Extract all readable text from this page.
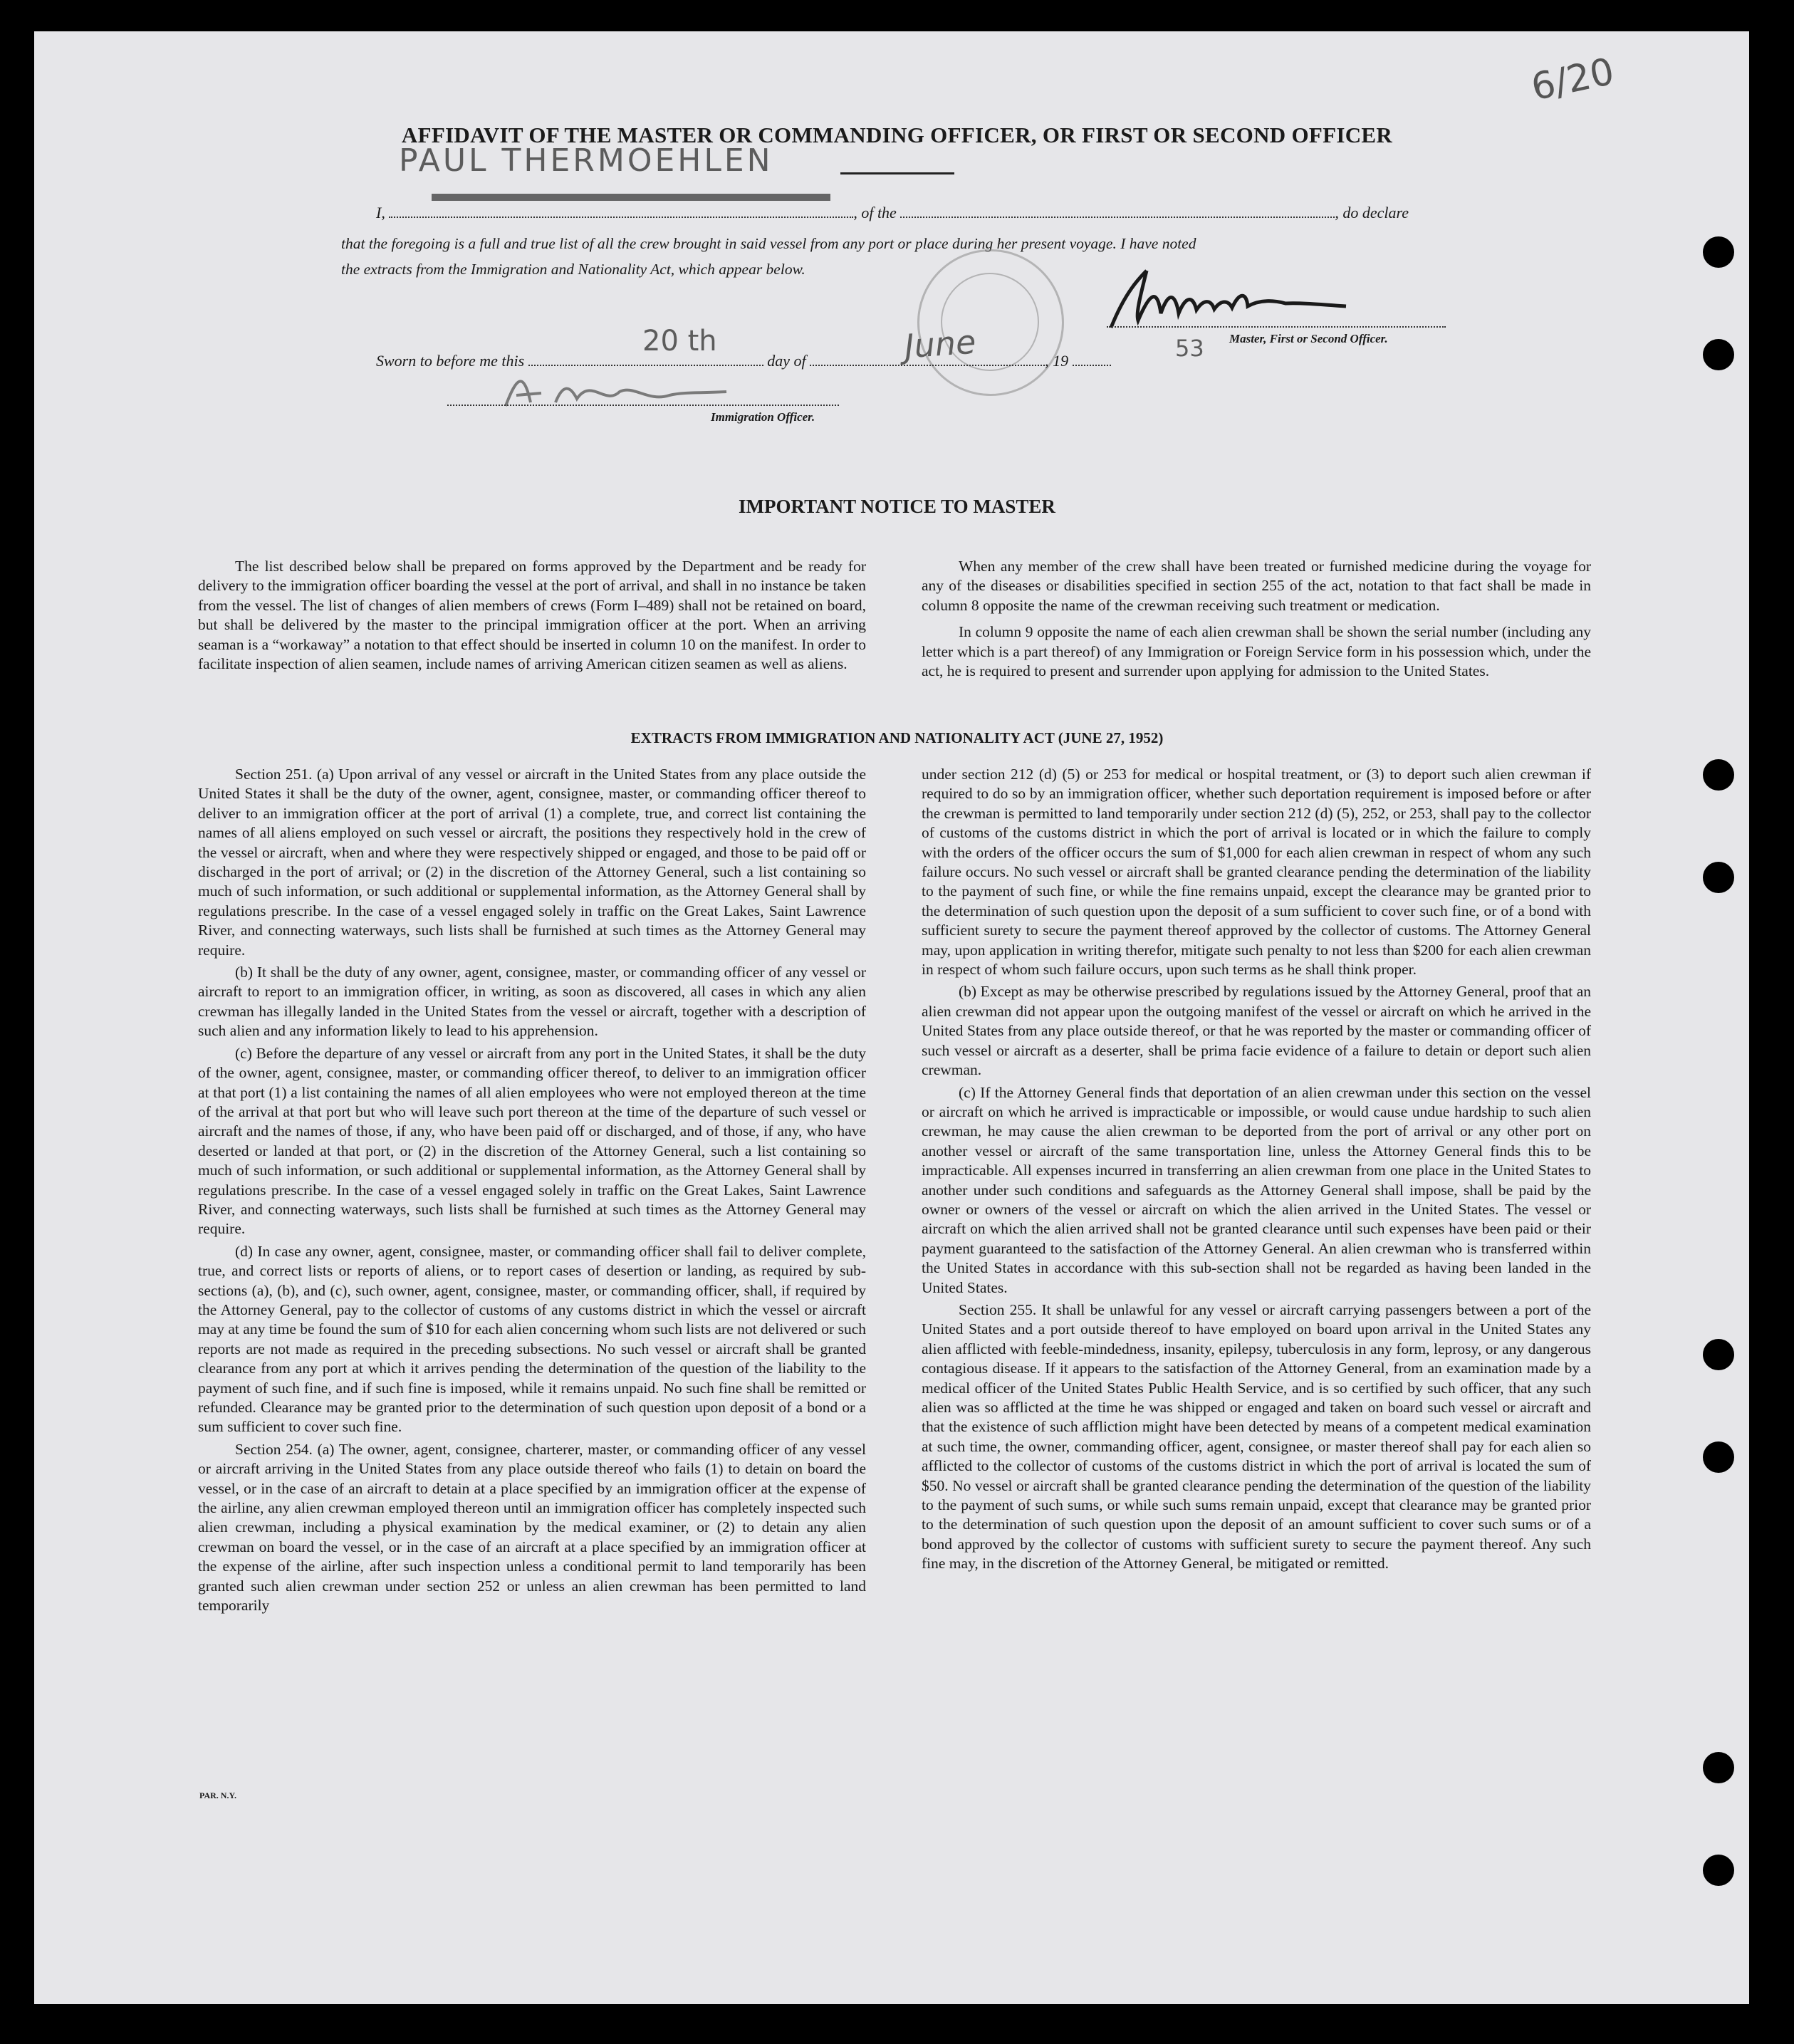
6/20
AFFIDAVIT OF THE MASTER OR COMMANDING OFFICER, OR FIRST OR SECOND OFFICER
PAUL THERMOEHLEN
I,	, of the	, do declare
that the foregoing is a full and true list of all the crew brought in said vessel from any port or place during her present voyage. I have noted
the extracts from the Immigration and Nationality Act, which appear below.
Master, First or Second Officer.
Sworn to before me this	day of	, 19
20 th	June	53
Immigration Officer.
IMPORTANT NOTICE TO MASTER

The list described below shall be prepared on forms approved by the Department and be ready for delivery to the immigration officer boarding the vessel at the port of arrival, and shall in no instance be taken from the vessel. The list of changes of alien members of crews (Form I–489) shall not be retained on board, but shall be delivered by the master to the principal immigration officer at the port. When an arriving seaman is a “workaway” a notation to that effect should be inserted in column 10 on the manifest. In order to facilitate inspection of alien seamen, include names of arriving American citizen seamen as well as aliens.

When any member of the crew shall have been treated or furnished medicine during the voyage for any of the diseases or disabilities specified in section 255 of the act, notation to that fact shall be made in column 8 opposite the name of the crewman receiving such treatment or medication.

In column 9 opposite the name of each alien crewman shall be shown the serial number (including any letter which is a part thereof) of any Immigration or Foreign Service form in his possession which, under the act, he is required to present and surrender upon applying for admission to the United States.

EXTRACTS FROM IMMIGRATION AND NATIONALITY ACT (JUNE 27, 1952)

Section 251. (a) Upon arrival of any vessel or aircraft in the United States from any place outside the United States it shall be the duty of the owner, agent, consignee, master, or commanding officer thereof to deliver to an immigration officer at the port of arrival (1) a complete, true, and correct list containing the names of all aliens employed on such vessel or aircraft, the positions they respectively hold in the crew of the vessel or aircraft, when and where they were respectively shipped or engaged, and those to be paid off or discharged in the port of arrival; or (2) in the discretion of the Attorney General, such a list containing so much of such information, or such additional or supplemental information, as the Attorney General shall by regulations prescribe. In the case of a vessel engaged solely in traffic on the Great Lakes, Saint Lawrence River, and connecting waterways, such lists shall be furnished at such times as the Attorney General may require.

(b) It shall be the duty of any owner, agent, consignee, master, or commanding officer of any vessel or aircraft to report to an immigration officer, in writing, as soon as discovered, all cases in which any alien crewman has illegally landed in the United States from the vessel or aircraft, together with a description of such alien and any information likely to lead to his apprehension.

(c) Before the departure of any vessel or aircraft from any port in the United States, it shall be the duty of the owner, agent, consignee, master, or commanding officer thereof, to deliver to an immigration officer at that port (1) a list containing the names of all alien employees who were not employed thereon at the time of the arrival at that port but who will leave such port thereon at the time of the departure of such vessel or aircraft and the names of those, if any, who have been paid off or discharged, and of those, if any, who have deserted or landed at that port, or (2) in the discretion of the Attorney General, such a list containing so much of such information, or such additional or supplemental information, as the Attorney General shall by regulations prescribe. In the case of a vessel engaged solely in traffic on the Great Lakes, Saint Lawrence River, and connecting waterways, such lists shall be furnished at such times as the Attorney General may require.

(d) In case any owner, agent, consignee, master, or commanding officer shall fail to deliver complete, true, and correct lists or reports of aliens, or to report cases of desertion or landing, as required by sub-sections (a), (b), and (c), such owner, agent, consignee, master, or commanding officer, shall, if required by the Attorney General, pay to the collector of customs of any customs district in which the vessel or aircraft may at any time be found the sum of $10 for each alien concerning whom such lists are not delivered or such reports are not made as required in the preceding subsections. No such vessel or aircraft shall be granted clearance from any port at which it arrives pending the determination of the question of the liability to the payment of such fine, and if such fine is imposed, while it remains unpaid. No such fine shall be remitted or refunded. Clearance may be granted prior to the determination of such question upon deposit of a bond or a sum sufficient to cover such fine.

Section 254. (a) The owner, agent, consignee, charterer, master, or commanding officer of any vessel or aircraft arriving in the United States from any place outside thereof who fails (1) to detain on board the vessel, or in the case of an aircraft to detain at a place specified by an immigration officer at the expense of the airline, any alien crewman employed thereon until an immigration officer has completely inspected such alien crewman, including a physical examination by the medical examiner, or (2) to detain any alien crewman on board the vessel, or in the case of an aircraft at a place specified by an immigration officer at the expense of the airline, after such inspection unless a conditional permit to land temporarily has been granted such alien crewman under section 252 or unless an alien crewman has been permitted to land temporarily

under section 212 (d) (5) or 253 for medical or hospital treatment, or (3) to deport such alien crewman if required to do so by an immigration officer, whether such deportation requirement is imposed before or after the crewman is permitted to land temporarily under section 212 (d) (5), 252, or 253, shall pay to the collector of customs of the customs district in which the port of arrival is located or in which the failure to comply with the orders of the officer occurs the sum of $1,000 for each alien crewman in respect of whom any such failure occurs. No such vessel or aircraft shall be granted clearance pending the determination of the liability to the payment of such fine, or while the fine remains unpaid, except the clearance may be granted prior to the determination of such question upon the deposit of a sum sufficient to cover such fine, or of a bond with sufficient surety to secure the payment thereof approved by the collector of customs. The Attorney General may, upon application in writing therefor, mitigate such penalty to not less than $200 for each alien crewman in respect of whom such failure occurs, upon such terms as he shall think proper.

(b) Except as may be otherwise prescribed by regulations issued by the Attorney General, proof that an alien crewman did not appear upon the outgoing manifest of the vessel or aircraft on which he arrived in the United States from any place outside thereof, or that he was reported by the master or commanding officer of such vessel or aircraft as a deserter, shall be prima facie evidence of a failure to detain or deport such alien crewman.

(c) If the Attorney General finds that deportation of an alien crewman under this section on the vessel or aircraft on which he arrived is impracticable or impossible, or would cause undue hardship to such alien crewman, he may cause the alien crewman to be deported from the port of arrival or any other port on another vessel or aircraft of the same transportation line, unless the Attorney General finds this to be impracticable. All expenses incurred in transferring an alien crewman from one place in the United States to another under such conditions and safeguards as the Attorney General shall impose, shall be paid by the owner or owners of the vessel or aircraft on which the alien arrived in the United States. The vessel or aircraft on which the alien arrived shall not be granted clearance until such expenses have been paid or their payment guaranteed to the satisfaction of the Attorney General. An alien crewman who is transferred within the United States in accordance with this sub-section shall not be regarded as having been landed in the United States.

Section 255. It shall be unlawful for any vessel or aircraft carrying passengers between a port of the United States and a port outside thereof to have employed on board upon arrival in the United States any alien afflicted with feeble-mindedness, insanity, epilepsy, tuberculosis in any form, leprosy, or any dangerous contagious disease. If it appears to the satisfaction of the Attorney General, from an examination made by a medical officer of the United States Public Health Service, and is so certified by such officer, that any such alien was so afflicted at the time he was shipped or engaged and taken on board such vessel or aircraft and that the existence of such affliction might have been detected by means of a competent medical examination at such time, the owner, commanding officer, agent, consignee, or master thereof shall pay for each alien so afflicted to the collector of customs of the customs district in which the port of arrival is located the sum of $50. No vessel or aircraft shall be granted clearance pending the determination of the question of the liability to the payment of such sums, or while such sums remain unpaid, except that clearance may be granted prior to the determination of such question upon the deposit of an amount sufficient to cover such sums or of a bond approved by the collector of customs with sufficient surety to secure the payment thereof. Any such fine may, in the discretion of the Attorney General, be mitigated or remitted.

PAR. N.Y.
